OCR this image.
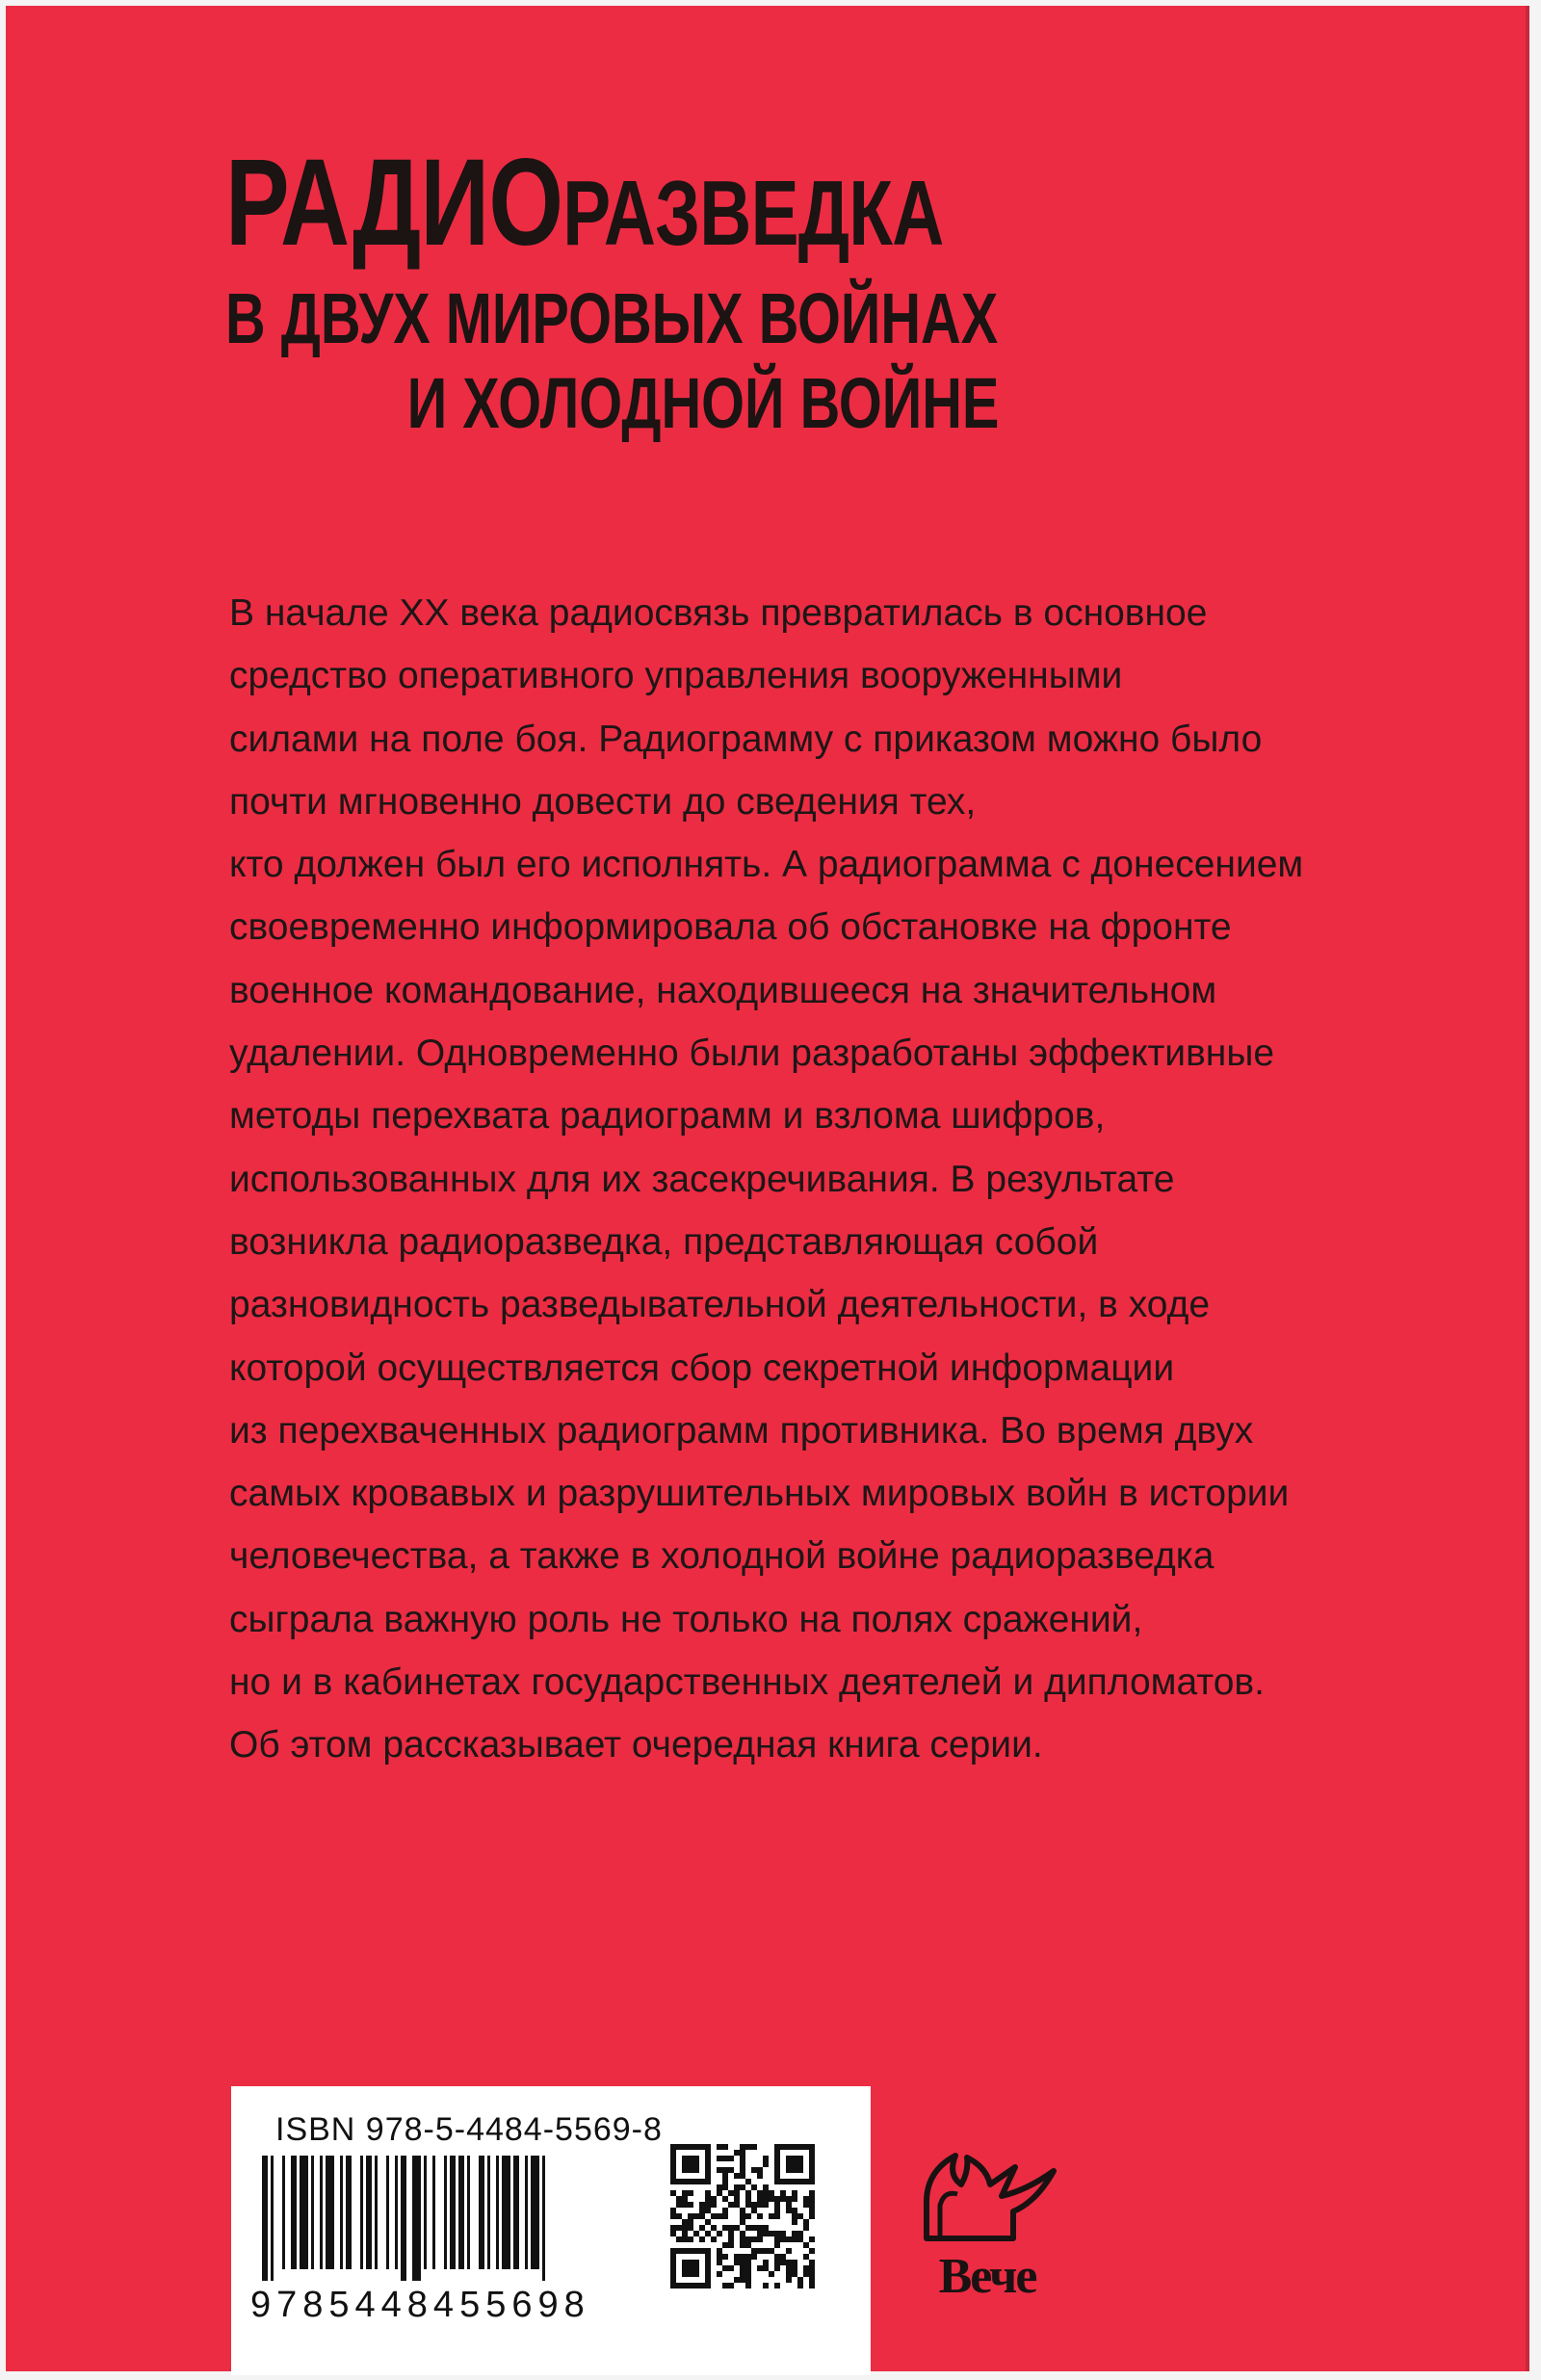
РАДИОРАЗВЕДКА
В ДВУХ МИРОВЫХ ВОЙНАХ
И ХОЛОДНОЙ ВОЙНЕ
В начале XX века радиосвязь превратилась в основное
средство оперативного управления вооруженными
силами на поле боя. Радиограмму с приказом можно было
почти мгновенно довести до сведения тех,
кто должен был его исполнять. А радиограмма с донесением
своевременно информировала об обстановке на фронте
военное командование, находившееся на значительном
удалении. Одновременно были разработаны эффективные
методы перехвата радиограмм и взлома шифров,
использованных для их засекречивания. В результате
возникла радиоразведка, представляющая собой
разновидность разведывательной деятельности, в ходе
которой осуществляется сбор секретной информации
из перехваченных радиограмм противника. Во время двух
самых кровавых и разрушительных мировых войн в истории
человечества, а также в холодной войне радиоразведка
сыграла важную роль не только на полях сражений,
но и в кабинетах государственных деятелей и дипломатов.
Об этом рассказывает очередная книга серии.
ISBN 978-5-4484-5569-8
9785448455698
Вече
